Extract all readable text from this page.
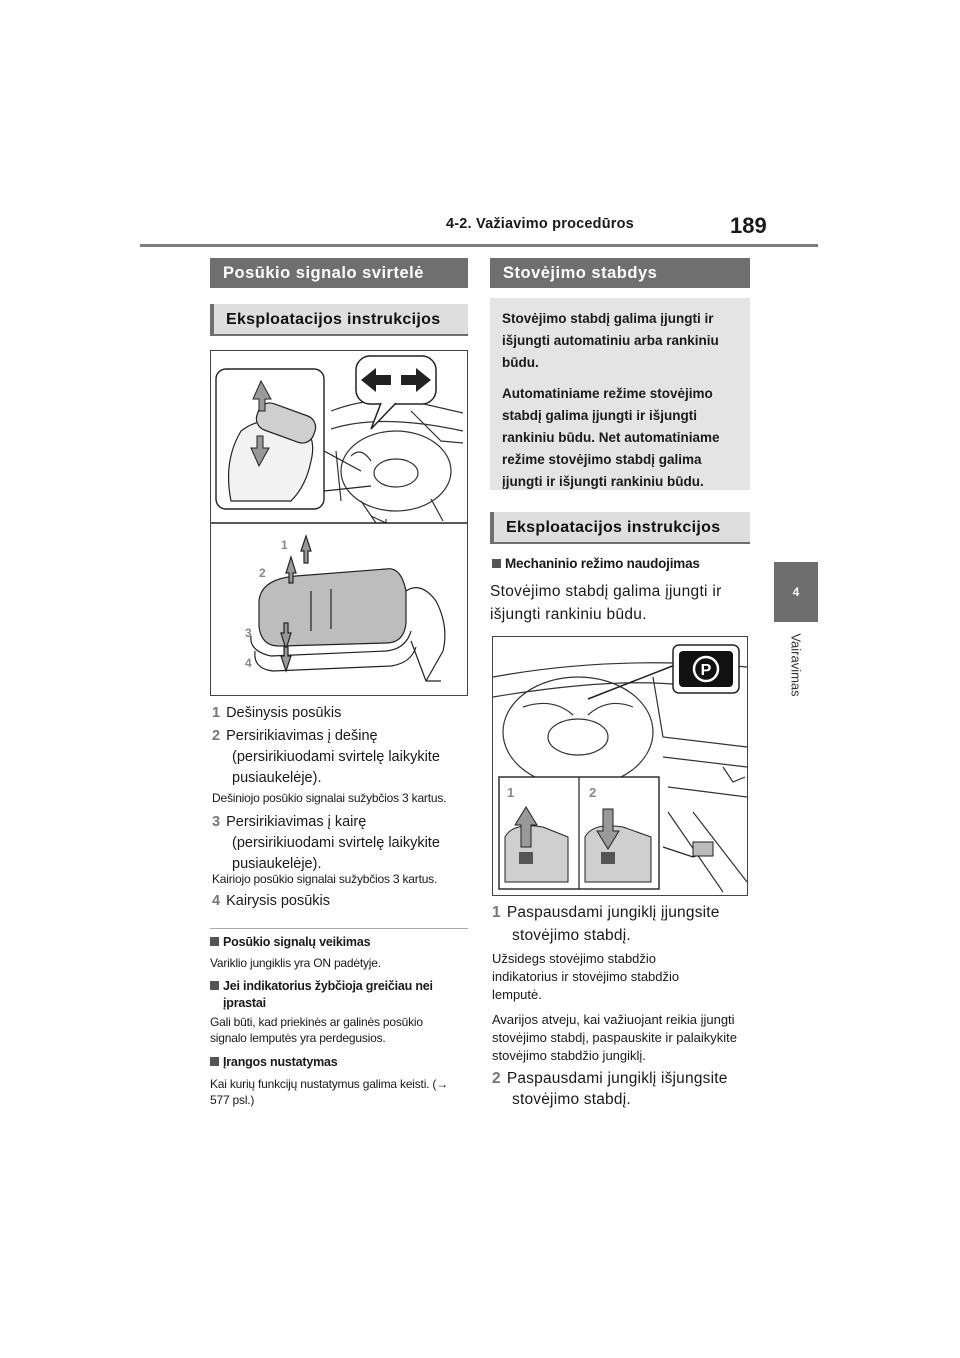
4-2. Važiavimo procedūros	189
4
Vairavimas
Posūkio signalo svirtelė
Eksploatacijos instrukcijos
1
2
3
4
1 Dešinysis posūkis
2 Persirikiavimas į dešinę (persirikiuodami svirtelę laikykite pusiaukelėje).
Dešiniojo posūkio signalai sužybčios 3 kartus.
3 Persirikiavimas į kairę (persirikiuodami svirtelę laikykite pusiaukelėje).
Kairiojo posūkio signalai sužybčios 3 kartus.
4 Kairysis posūkis
Posūkio signalų veikimas
Variklio jungiklis yra ON padėtyje.
Jei indikatorius žybčioja greičiau nei įprastai
Gali būti, kad priekinės ar galinės posūkio signalo lemputės yra perdegusios.
Įrangos nustatymas
Kai kurių funkcijų nustatymus galima keisti. (→ 577 psl.)
Stovėjimo stabdys

Stovėjimo stabdį galima įjungti ir išjungti automatiniu arba rankiniu būdu.

Automatiniame režime stovėjimo stabdį galima įjungti ir išjungti rankiniu būdu. Net automatiniame režime stovėjimo stabdį galima įjungti ir išjungti rankiniu būdu.

Eksploatacijos instrukcijos
Mechaninio režimo naudojimas
Stovėjimo stabdį galima įjungti ir išjungti rankiniu būdu.
P
1	2
1 Paspausdami jungiklį įjungsite stovėjimo stabdį.
Užsidegs stovėjimo stabdžio indikatorius ir stovėjimo stabdžio lemputė.
Avarijos atveju, kai važiuojant reikia įjungti stovėjimo stabdį, paspauskite ir palaikykite stovėjimo stabdžio jungiklį.
2 Paspausdami jungiklį išjungsite stovėjimo stabdį.
